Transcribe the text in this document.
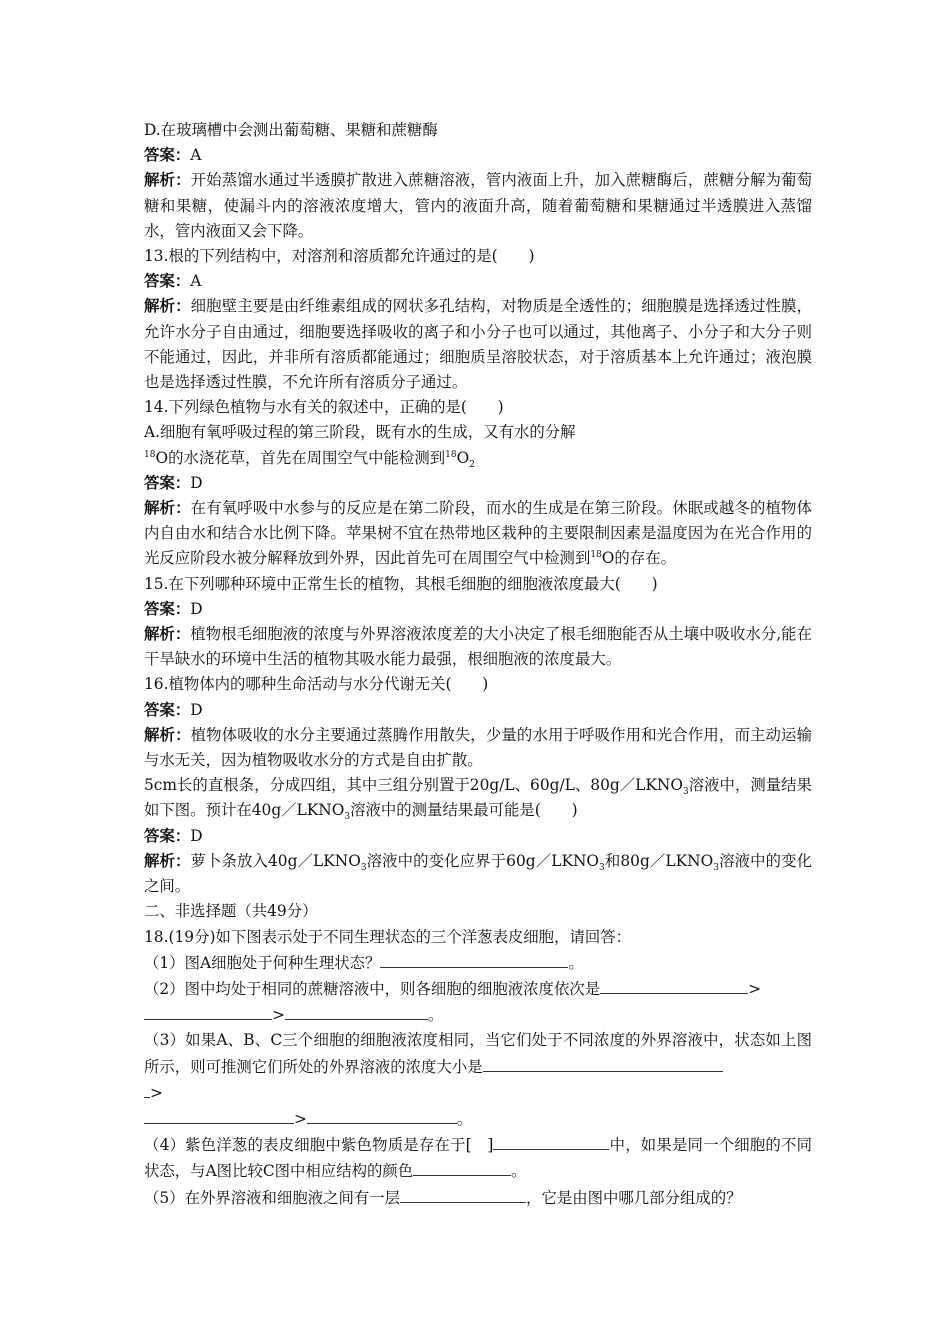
D.在玻璃槽中会测出葡萄糖、果糖和蔗糖酶

答案：A

解析：开始蒸馏水通过半透膜扩散进入蔗糖溶液，管内液面上升，加入蔗糖酶后，蔗糖分解为葡萄糖和果糖，使漏斗内的溶液浓度增大，管内的液面升高，随着葡萄糖和果糖通过半透膜进入蒸馏水，管内液面又会下降。

13.根的下列结构中，对溶剂和溶质都允许通过的是(　　)

答案：A

解析：细胞壁主要是由纤维素组成的网状多孔结构，对物质是全透性的；细胞膜是选择透过性膜，允许水分子自由通过，细胞要选择吸收的离子和小分子也可以通过，其他离子、小分子和大分子则不能通过，因此，并非所有溶质都能通过；细胞质呈溶胶状态，对于溶质基本上允许通过；液泡膜也是选择透过性膜，不允许所有溶质分子通过。

14.下列绿色植物与水有关的叙述中，正确的是(　　)

A.细胞有氧呼吸过程的第三阶段，既有水的生成，又有水的分解

$^{18}$O的水浇花草，首先在周围空气中能检测到$^{18}O_2$

答案：D

解析：在有氧呼吸中水参与的反应是在第二阶段，而水的生成是在第三阶段。休眠或越冬的植物体内自由水和结合水比例下降。苹果树不宜在热带地区栽种的主要限制因素是温度因为在光合作用的光反应阶段水被分解释放到外界，因此首先可在周围空气中检测到$^{18}$O的存在。

15.在下列哪种环境中正常生长的植物，其根毛细胞的细胞液浓度最大(　　)

答案：D

解析：植物根毛细胞液的浓度与外界溶液浓度差的大小决定了根毛细胞能否从土壤中吸收水分,能在干旱缺水的环境中生活的植物其吸水能力最强，根细胞液的浓度最大。

16.植物体内的哪种生命活动与水分代谢无关(　　)

答案：D

解析：植物体吸收的水分主要通过蒸腾作用散失，少量的水用于呼吸作用和光合作用，而主动运输与水无关，因为植物吸收水分的方式是自由扩散。

5cm长的直根条，分成四组，其中三组分别置于20g/L、60g/L、$80g/LKNO_3$溶液中，测量结果如下图。预计在$40g/LKNO_3$溶液中的测量结果最可能是(　　)

答案：D

解析：萝卜条放入$40g/LKNO_3$溶液中的变化应界于$60g/LKNO_3$和$80g/LKNO_3$溶液中的变化之间。

二、非选择题（共49分）

18.(19分)如下图表示处于不同生理状态的三个洋葱表皮细胞，请回答：

（1）图A细胞处于何种生理状态？	。

（2）图中均处于相同的蔗糖溶液中，则各细胞的细胞液浓度依次是	>

>	。

（3）如果A、B、C三个细胞的细胞液浓度相同，当它们处于不同浓度的外界溶液中，状态如上图所示，则可推测它们所处的外界溶液的浓度大小是

>

>	。

（4）紫色洋葱的表皮细胞中紫色物质是存在于[　]	中，如果是同一个细胞的不同状态，与A图比较C图中相应结构的颜色	。

（5）在外界溶液和细胞液之间有一层	，它是由图中哪几部分组成的？
